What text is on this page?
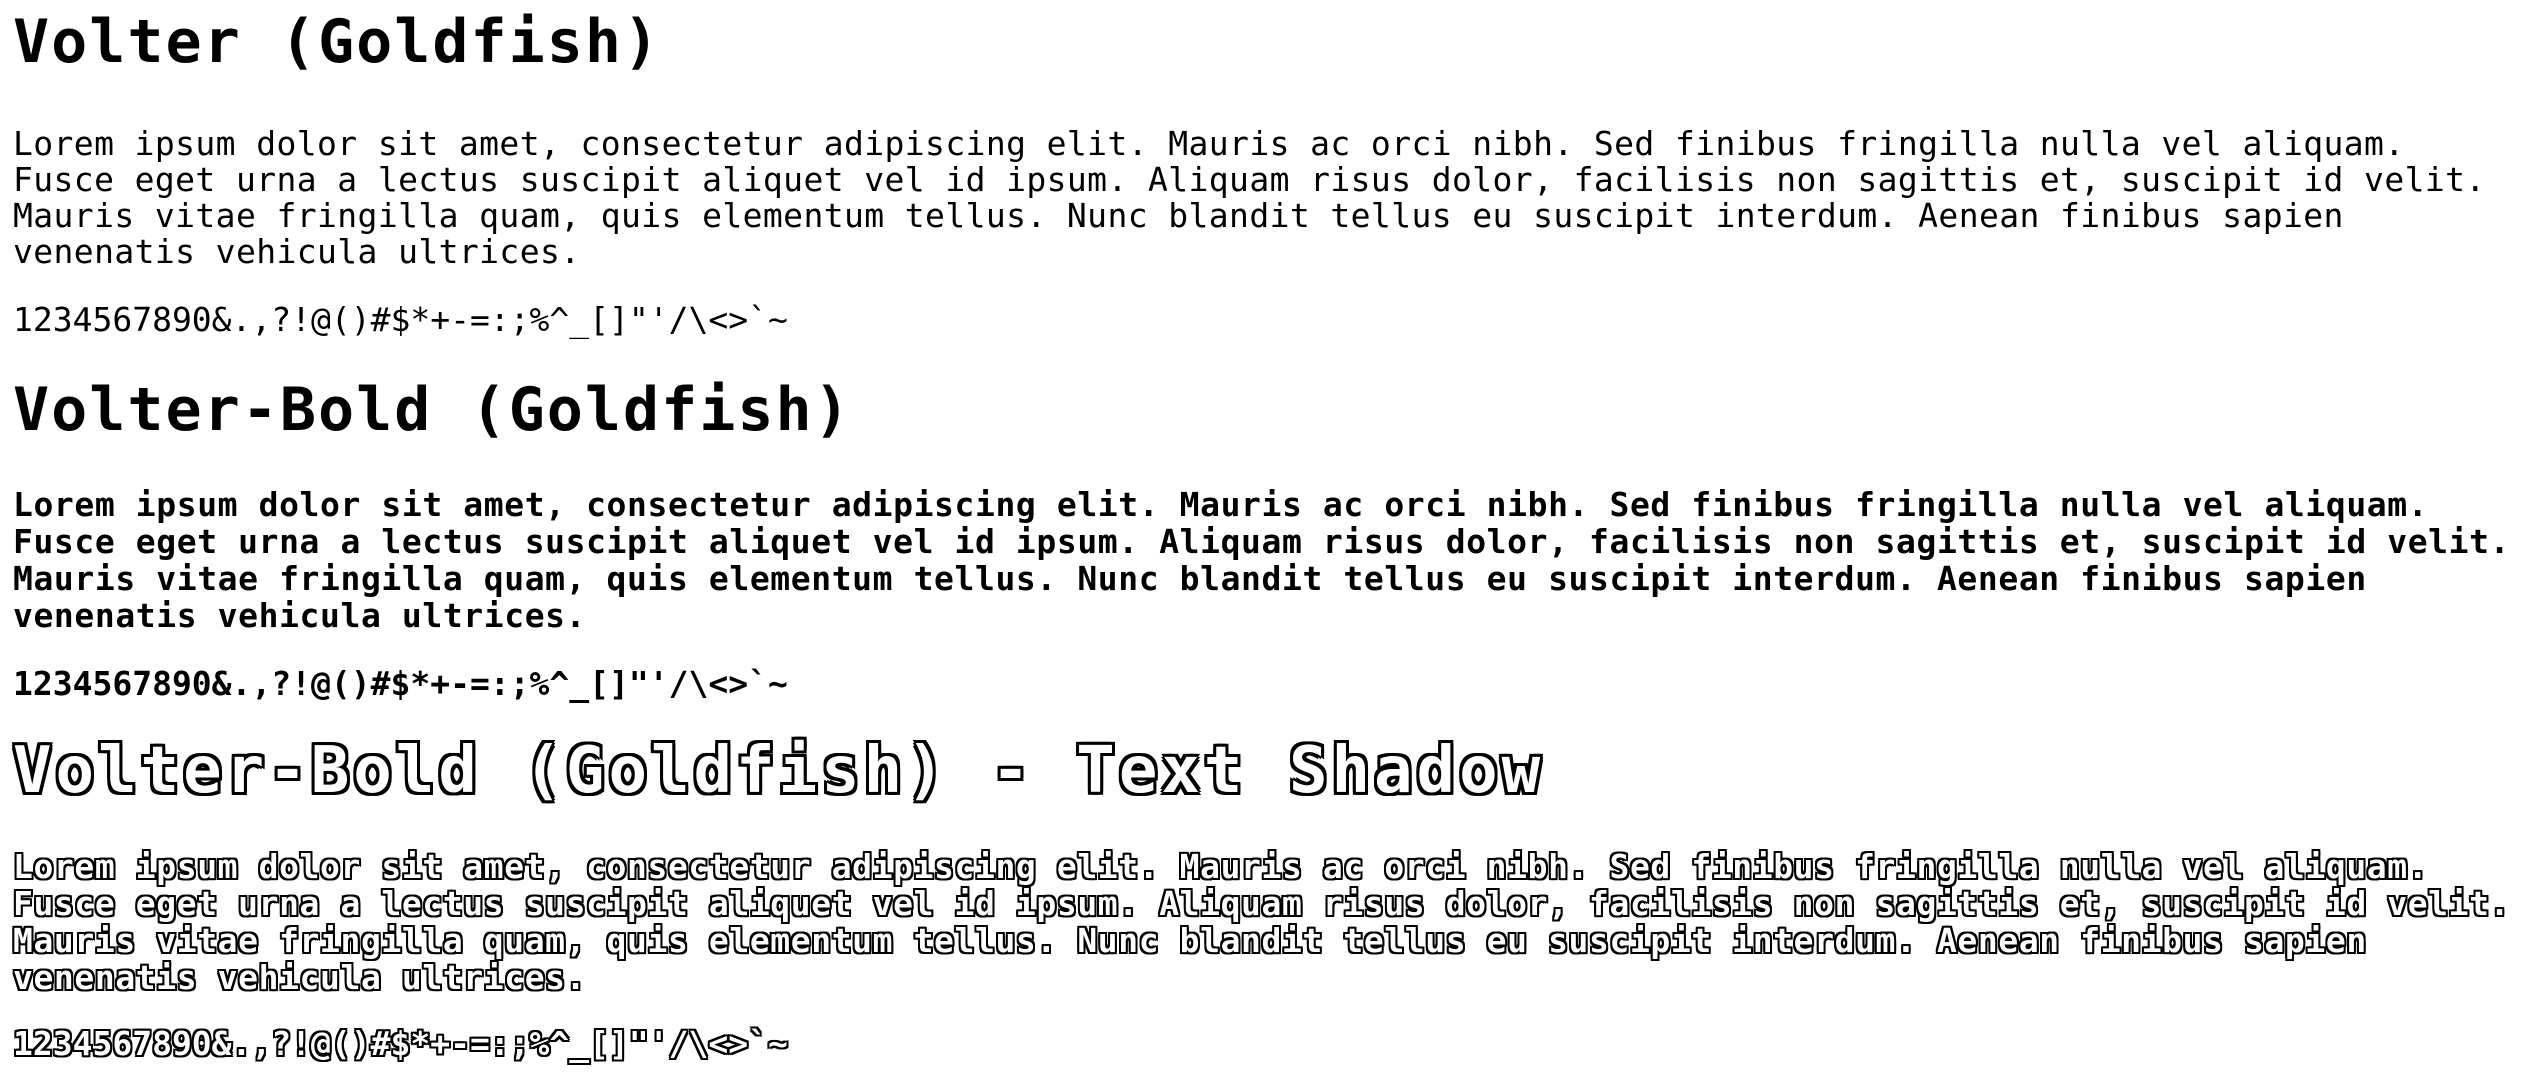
Volter (Goldfish)

Lorem ipsum dolor sit amet, consectetur adipiscing elit. Mauris ac orci nibh. Sed finibus fringilla nulla vel aliquam. Fusce eget urna a lectus suscipit aliquet vel id ipsum. Aliquam risus dolor, facilisis non sagittis et, suscipit id velit. Mauris vitae fringilla quam, quis elementum tellus. Nunc blandit tellus eu suscipit interdum. Aenean finibus sapien venenatis vehicula ultrices.

1234567890&.,?!@()#$*+-=:;%^_[]"'/\<>`~

Volter-Bold (Goldfish)

Lorem ipsum dolor sit amet, consectetur adipiscing elit. Mauris ac orci nibh. Sed finibus fringilla nulla vel aliquam. Fusce eget urna a lectus suscipit aliquet vel id ipsum. Aliquam risus dolor, facilisis non sagittis et, suscipit id velit. Mauris vitae fringilla quam, quis elementum tellus. Nunc blandit tellus eu suscipit interdum. Aenean finibus sapien venenatis vehicula ultrices.

1234567890&.,?!@()#$*+-=:;%^_[]"'/\<>`~

Volter-Bold (Goldfish) - Text Shadow

Lorem ipsum dolor sit amet, consectetur adipiscing elit. Mauris ac orci nibh. Sed finibus fringilla nulla vel aliquam. Fusce eget urna a lectus suscipit aliquet vel id ipsum. Aliquam risus dolor, facilisis non sagittis et, suscipit id velit. Mauris vitae fringilla quam, quis elementum tellus. Nunc blandit tellus eu suscipit interdum. Aenean finibus sapien venenatis vehicula ultrices.

1234567890&.,?!@()#$*+-=:;%^_[]"'/\<>`~
